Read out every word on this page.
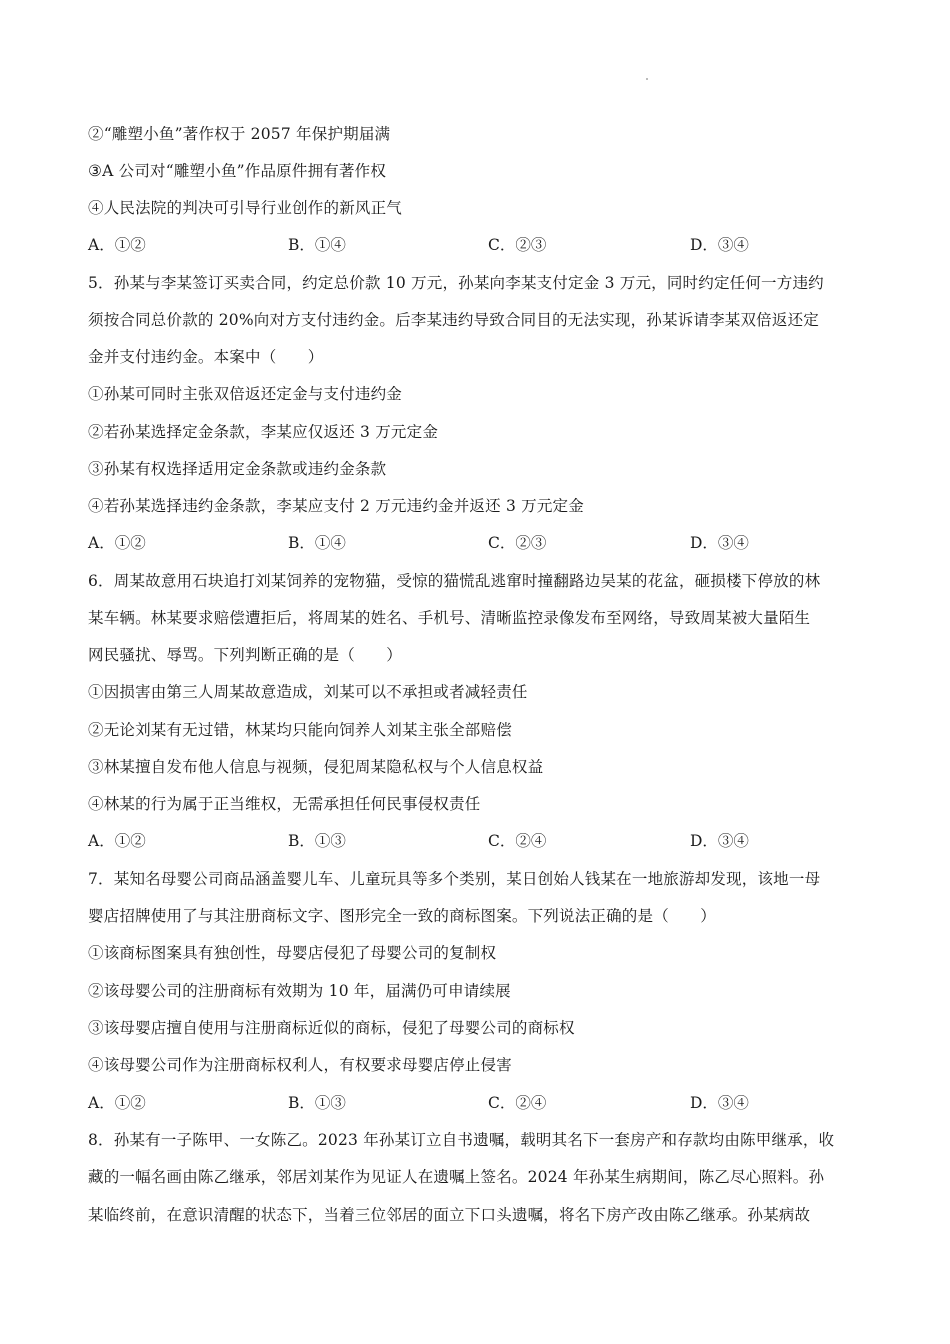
②“雕塑小鱼”著作权于 2057 年保护期届满
③A 公司对“雕塑小鱼”作品原件拥有著作权
④人民法院的判决可引导行业创作的新风正气
A．①②	B．①④	C．②③	D．③④
5．孙某与李某签订买卖合同，约定总价款 10 万元，孙某向李某支付定金 3 万元，同时约定任何一方违约
须按合同总价款的 20%向对方支付违约金。后李某违约导致合同目的无法实现，孙某诉请李某双倍返还定
金并支付违约金。本案中（　　）
①孙某可同时主张双倍返还定金与支付违约金
②若孙某选择定金条款，李某应仅返还 3 万元定金
③孙某有权选择适用定金条款或违约金条款
④若孙某选择违约金条款，李某应支付 2 万元违约金并返还 3 万元定金
A．①②	B．①④	C．②③	D．③④
6．周某故意用石块追打刘某饲养的宠物猫，受惊的猫慌乱逃窜时撞翻路边吴某的花盆，砸损楼下停放的林
某车辆。林某要求赔偿遭拒后，将周某的姓名、手机号、清晰监控录像发布至网络，导致周某被大量陌生
网民骚扰、辱骂。下列判断正确的是（　　）
①因损害由第三人周某故意造成，刘某可以不承担或者减轻责任
②无论刘某有无过错，林某均只能向饲养人刘某主张全部赔偿
③林某擅自发布他人信息与视频，侵犯周某隐私权与个人信息权益
④林某的行为属于正当维权，无需承担任何民事侵权责任
A．①②	B．①③	C．②④	D．③④
7．某知名母婴公司商品涵盖婴儿车、儿童玩具等多个类别，某日创始人钱某在一地旅游却发现，该地一母
婴店招牌使用了与其注册商标文字、图形完全一致的商标图案。下列说法正确的是（　　）
①该商标图案具有独创性，母婴店侵犯了母婴公司的复制权
②该母婴公司的注册商标有效期为 10 年，届满仍可申请续展
③该母婴店擅自使用与注册商标近似的商标，侵犯了母婴公司的商标权
④该母婴公司作为注册商标权利人，有权要求母婴店停止侵害
A．①②	B．①③	C．②④	D．③④
8．孙某有一子陈甲、一女陈乙。2023 年孙某订立自书遗嘱，载明其名下一套房产和存款均由陈甲继承，收
藏的一幅名画由陈乙继承，邻居刘某作为见证人在遗嘱上签名。2024 年孙某生病期间，陈乙尽心照料。孙
某临终前，在意识清醒的状态下，当着三位邻居的面立下口头遗嘱，将名下房产改由陈乙继承。孙某病故
